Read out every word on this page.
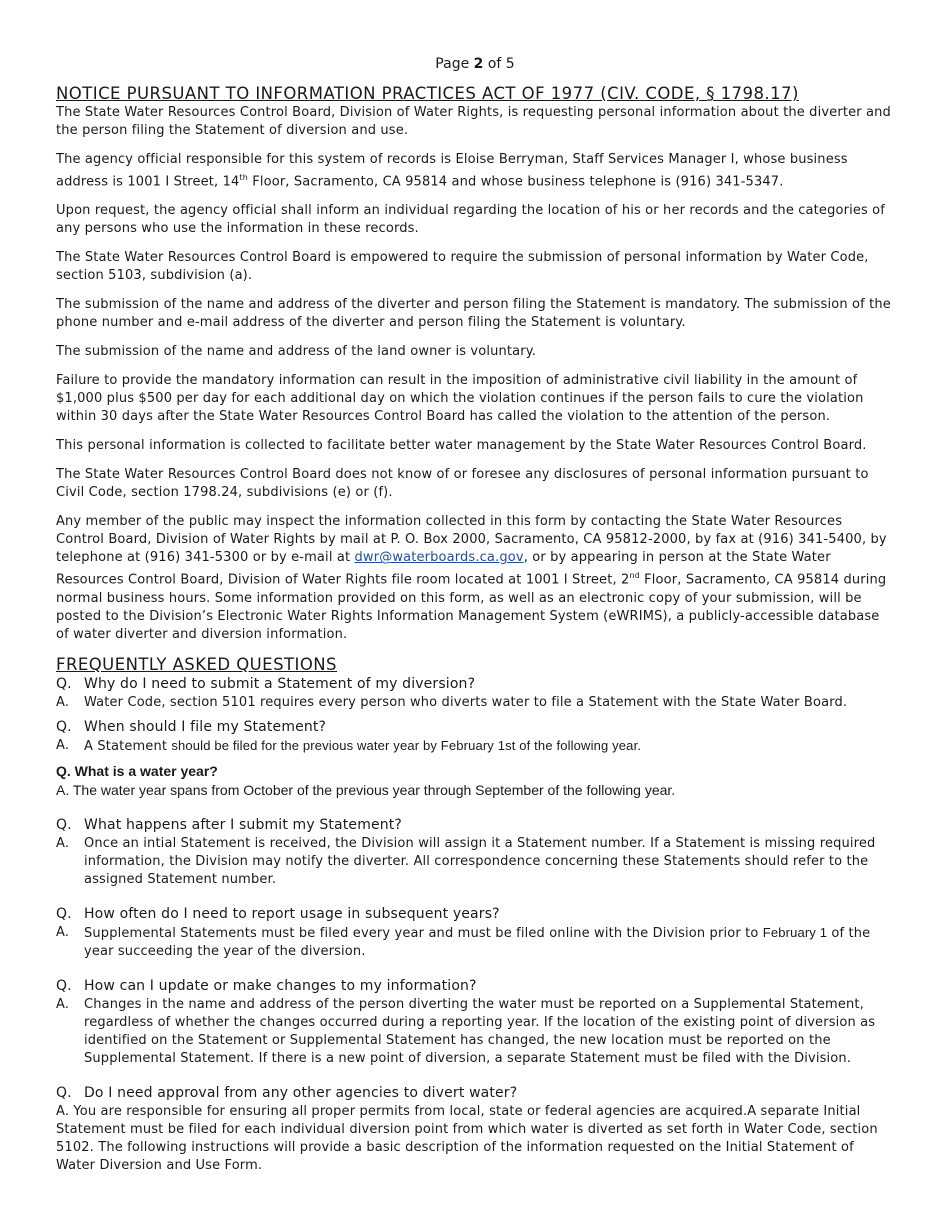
Page 2 of 5
NOTICE PURSUANT TO INFORMATION PRACTICES ACT OF 1977 (CIV. CODE, § 1798.17)

The State Water Resources Control Board, Division of Water Rights, is requesting personal information about the diverter and the person filing the Statement of diversion and use.

The agency official responsible for this system of records is Eloise Berryman, Staff Services Manager I, whose business address is 1001 I Street, 14th Floor, Sacramento, CA 95814 and whose business telephone is (916) 341-5347.

Upon request, the agency official shall inform an individual regarding the location of his or her records and the categories of any persons who use the information in these records.

The State Water Resources Control Board is empowered to require the submission of personal information by Water Code, section 5103, subdivision (a).

The submission of the name and address of the diverter and person filing the Statement is mandatory. The submission of the phone number and e-mail address of the diverter and person filing the Statement is voluntary.

The submission of the name and address of the land owner is voluntary.

Failure to provide the mandatory information can result in the imposition of administrative civil liability in the amount of $1,000 plus $500 per day for each additional day on which the violation continues if the person fails to cure the violation within 30 days after the State Water Resources Control Board has called the violation to the attention of the person.

This personal information is collected to facilitate better water management by the State Water Resources Control Board.

The State Water Resources Control Board does not know of or foresee any disclosures of personal information pursuant to Civil Code, section 1798.24, subdivisions (e) or (f).

Any member of the public may inspect the information collected in this form by contacting the State Water Resources Control Board, Division of Water Rights by mail at P. O. Box 2000, Sacramento, CA 95812-2000, by fax at (916) 341-5400, by telephone at (916) 341-5300 or by e-mail at dwr@waterboards.ca.gov, or by appearing in person at the State Water Resources Control Board, Division of Water Rights file room located at 1001 I Street, 2nd Floor, Sacramento, CA 95814 during normal business hours. Some information provided on this form, as well as an electronic copy of your submission, will be posted to the Division’s Electronic Water Rights Information Management System (eWRIMS), a publicly-accessible database of water diverter and diversion information.

FREQUENTLY ASKED QUESTIONS
Q. Why do I need to submit a Statement of my diversion?
A.	Water Code, section 5101 requires every person who diverts water to file a Statement with the State Water Board.
Q. When should I file my Statement?
A.	A Statement should be filed for the previous water year by February 1st of the following year.
Q. What is a water year?
A. The water year spans from October of the previous year through September of the following year.
Q. What happens after I submit my Statement?
A.	Once an intial Statement is received, the Division will assign it a Statement number. If a Statement is missing required information, the Division may notify the diverter. All correspondence concerning these Statements should refer to the assigned Statement number.
Q. How often do I need to report usage in subsequent years?
A.	Supplemental Statements must be filed every year and must be filed online with the Division prior to February 1 of the year succeeding the year of the diversion.
Q. How can I update or make changes to my information?
A.	Changes in the name and address of the person diverting the water must be reported on a Supplemental Statement, regardless of whether the changes occurred during a reporting year. If the location of the existing point of diversion as identified on the Statement or Supplemental Statement has changed, the new location must be reported on the Supplemental Statement. If there is a new point of diversion, a separate Statement must be filed with the Division.
Q. Do I need approval from any other agencies to divert water?
A. You are responsible for ensuring all proper permits from local, state or federal agencies are acquired.A separate Initial Statement must be filed for each individual diversion point from which water is diverted as set forth in Water Code, section 5102. The following instructions will provide a basic description of the information requested on the Initial Statement of Water Diversion and Use Form.
